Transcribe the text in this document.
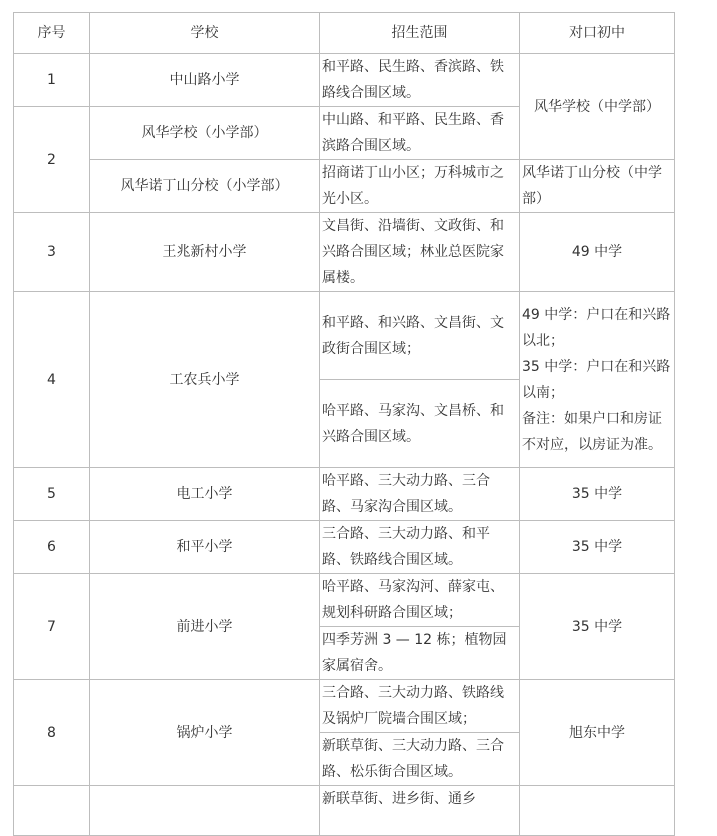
序号	学校	招生范围	对口初中
1	中山路小学	和平路、民生路、香滨路、铁路线合围区域。	风华学校（中学部）
2	风华学校（小学部）	中山路、和平路、民生路、香滨路合围区域。	
	风华诺丁山分校（小学部）	招商诺丁山小区；万科城市之光小区。	风华诺丁山分校（中学部）
3	王兆新村小学	文昌街、沿墙街、文政街、和兴路合围区域；林业总医院家属楼。	49 中学
4	工农兵小学	和平路、和兴路、文昌街、文政街合围区域；	49 中学：户口在和兴路以北；
35 中学：户口在和兴路以南；
备注：如果户口和房证不对应，以房证为准。

		哈平路、马家沟、文昌桥、和兴路合围区域。	
5	电工小学	哈平路、三大动力路、三合路、马家沟合围区域。	35 中学
6	和平小学	三合路、三大动力路、和平路、铁路线合围区域。	35 中学
7	前进小学	哈平路、马家沟河、薛家屯、规划科研路合围区域；	35 中学
		四季芳洲 3 — 12 栋；植物园家属宿舍。	
8	锅炉小学	三合路、三大动力路、铁路线及锅炉厂院墙合围区域；	旭东中学
		新联草街、三大动力路、三合路、松乐街合围区域。	
		新联草街、进乡街、通乡	
